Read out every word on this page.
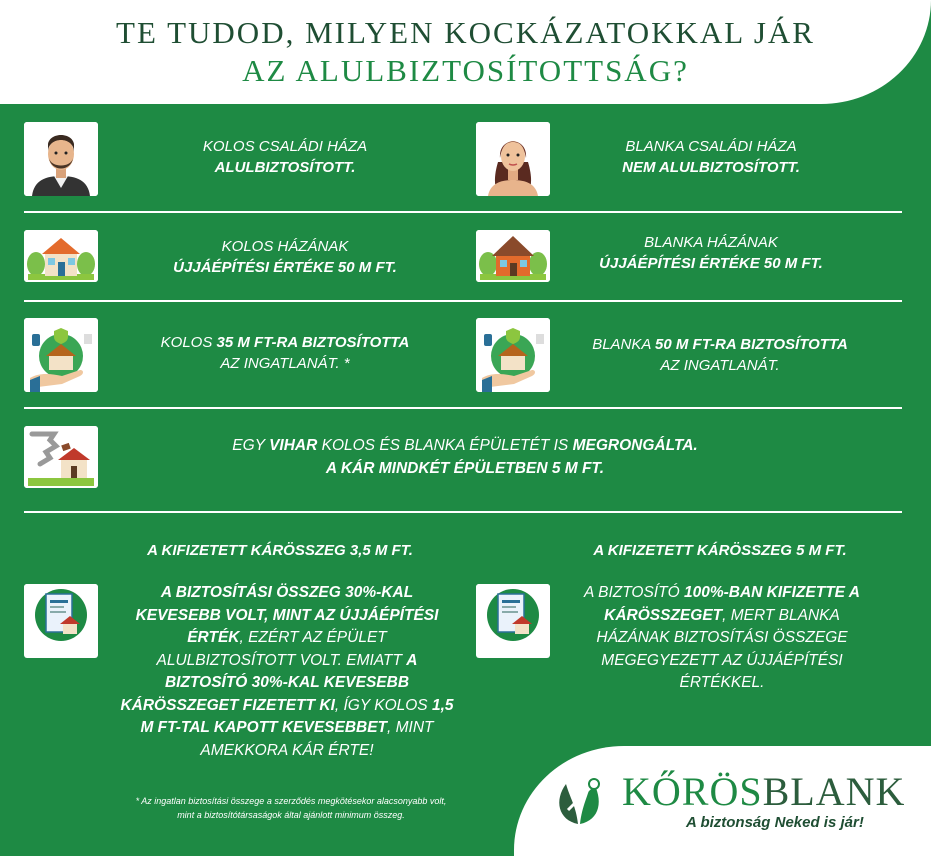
TE TUDOD, MILYEN KOCKÁZATOKKAL JÁR
AZ ALULBIZTOSÍTOTTSÁG?
KOLOS CSALÁDI HÁZA
ALULBIZTOSÍTOTT.
BLANKA CSALÁDI HÁZA
NEM ALULBIZTOSÍTOTT.
KOLOS HÁZÁNAK
ÚJJÁÉPÍTÉSI ÉRTÉKE 50 M FT.
BLANKA HÁZÁNAK
ÚJJÁÉPÍTÉSI ÉRTÉKE 50 M FT.
KOLOS 35 M FT-RA BIZTOSÍTOTTA
AZ INGATLANÁT. *
BLANKA 50 M FT-RA BIZTOSÍTOTTA
AZ INGATLANÁT.
EGY VIHAR KOLOS ÉS BLANKA ÉPÜLETÉT IS MEGRONGÁLTA.
A KÁR MINDKÉT ÉPÜLETBEN 5 M FT.
A KIFIZETETT KÁRÖSSZEG 3,5 M FT.	A KIFIZETETT KÁRÖSSZEG 5 M FT.
A BIZTOSÍTÁSI ÖSSZEG 30%-KAL KEVESEBB VOLT, MINT AZ ÚJJÁÉPÍTÉSI ÉRTÉK, EZÉRT AZ ÉPÜLET ALULBIZTOSÍTOTT VOLT. EMIATT A BIZTOSÍTÓ 30%-KAL KEVESEBB KÁRÖSSZEGET FIZETETT KI, ÍGY KOLOS 1,5 M FT-TAL KAPOTT KEVESEBBET, MINT AMEKKORA KÁR ÉRTE!
A BIZTOSÍTÓ 100%-BAN KIFIZETTE A KÁRÖSSZEGET, MERT BLANKA HÁZÁNAK BIZTOSÍTÁSI ÖSSZEGE MEGEGYEZETT AZ ÚJJÁÉPÍTÉSI ÉRTÉKKEL.
* Az ingatlan biztosítási összege a szerződés megkötésekor alacsonyabb volt, mint a biztosítótársaságok által ajánlott minimum összeg.
KŐRÖSBLANK
A biztonság Neked is jár!
